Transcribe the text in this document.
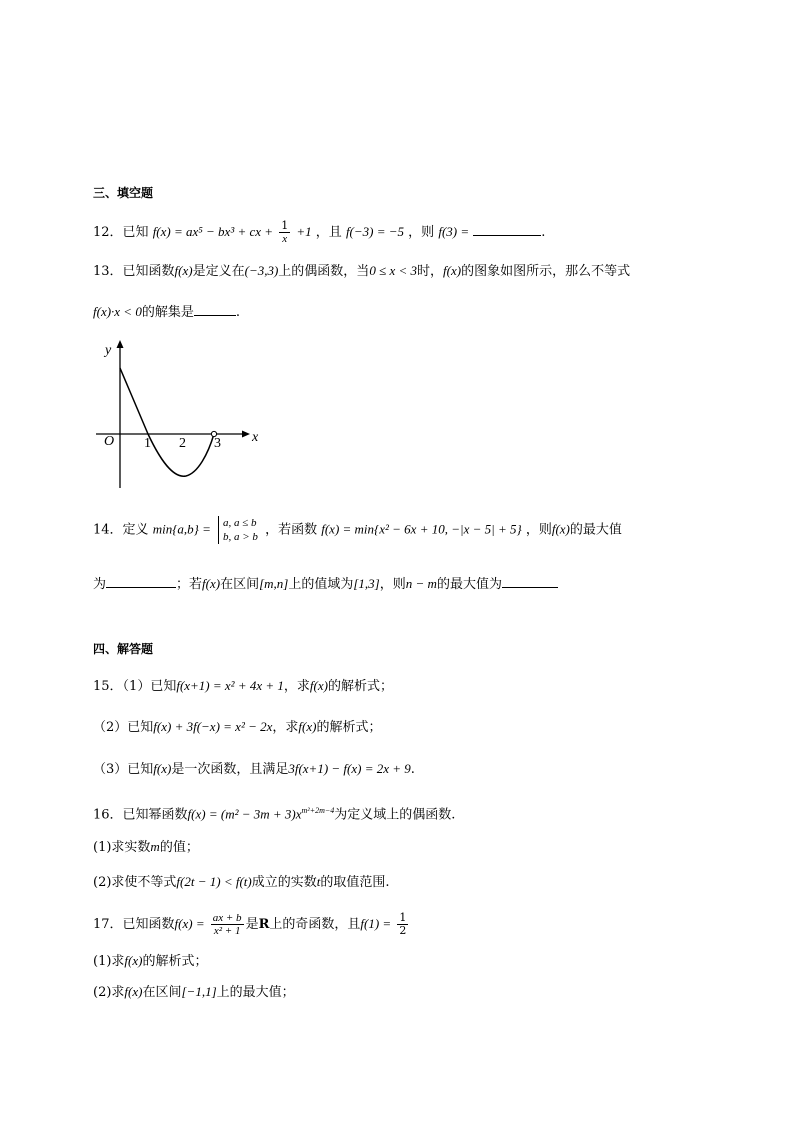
三、填空题
12．已知 f(x) = ax⁵ − bx³ + cx + $\frac{1}{x} +1$ ，且 f(−3) = −5 ，则 f(3) =	.
13．已知函数f(x)是定义在(−3,3)上的偶函数，当0 ≤ x < 3时，f(x)的图象如图所示，那么不等式
f(x)·x < 0的解集是	.
y
x
O 1 2 3
14．定义 min{a,b} = a, a ≤ b
b, a > b ，若函数 f(x) = min{x² − 6x + 10, −|x − 5| + 5} ，则f(x)的最大值
为	；若f(x)在区间[m,n]上的值域为[1,3]，则n − m的最大值为
四、解答题
15．（1）已知f(x+1) = x² + 4x + 1，求f(x)的解析式；
（2）已知f(x) + 3f(−x) = x² − 2x，求f(x)的解析式；
（3）已知f(x)是一次函数，且满足3f(x+1) − f(x) = 2x + 9.
16．已知幂函数$f(x) = (m^2 - 3m + 3)x^{m^2+2m-4}$为定义域上的偶函数.
(1)求实数m的值；
(2)求使不等式f(2t − 1) < f(t)成立的实数t的取值范围.
17．已知函数$f(x) = \frac{ax + b}{\text{x² + 1}}$ 是R上的奇函数，且$f(1) = \frac{1}{2}$
(1)求f(x)的解析式；
(2)求f(x)在区间[−1,1]上的最大值；
